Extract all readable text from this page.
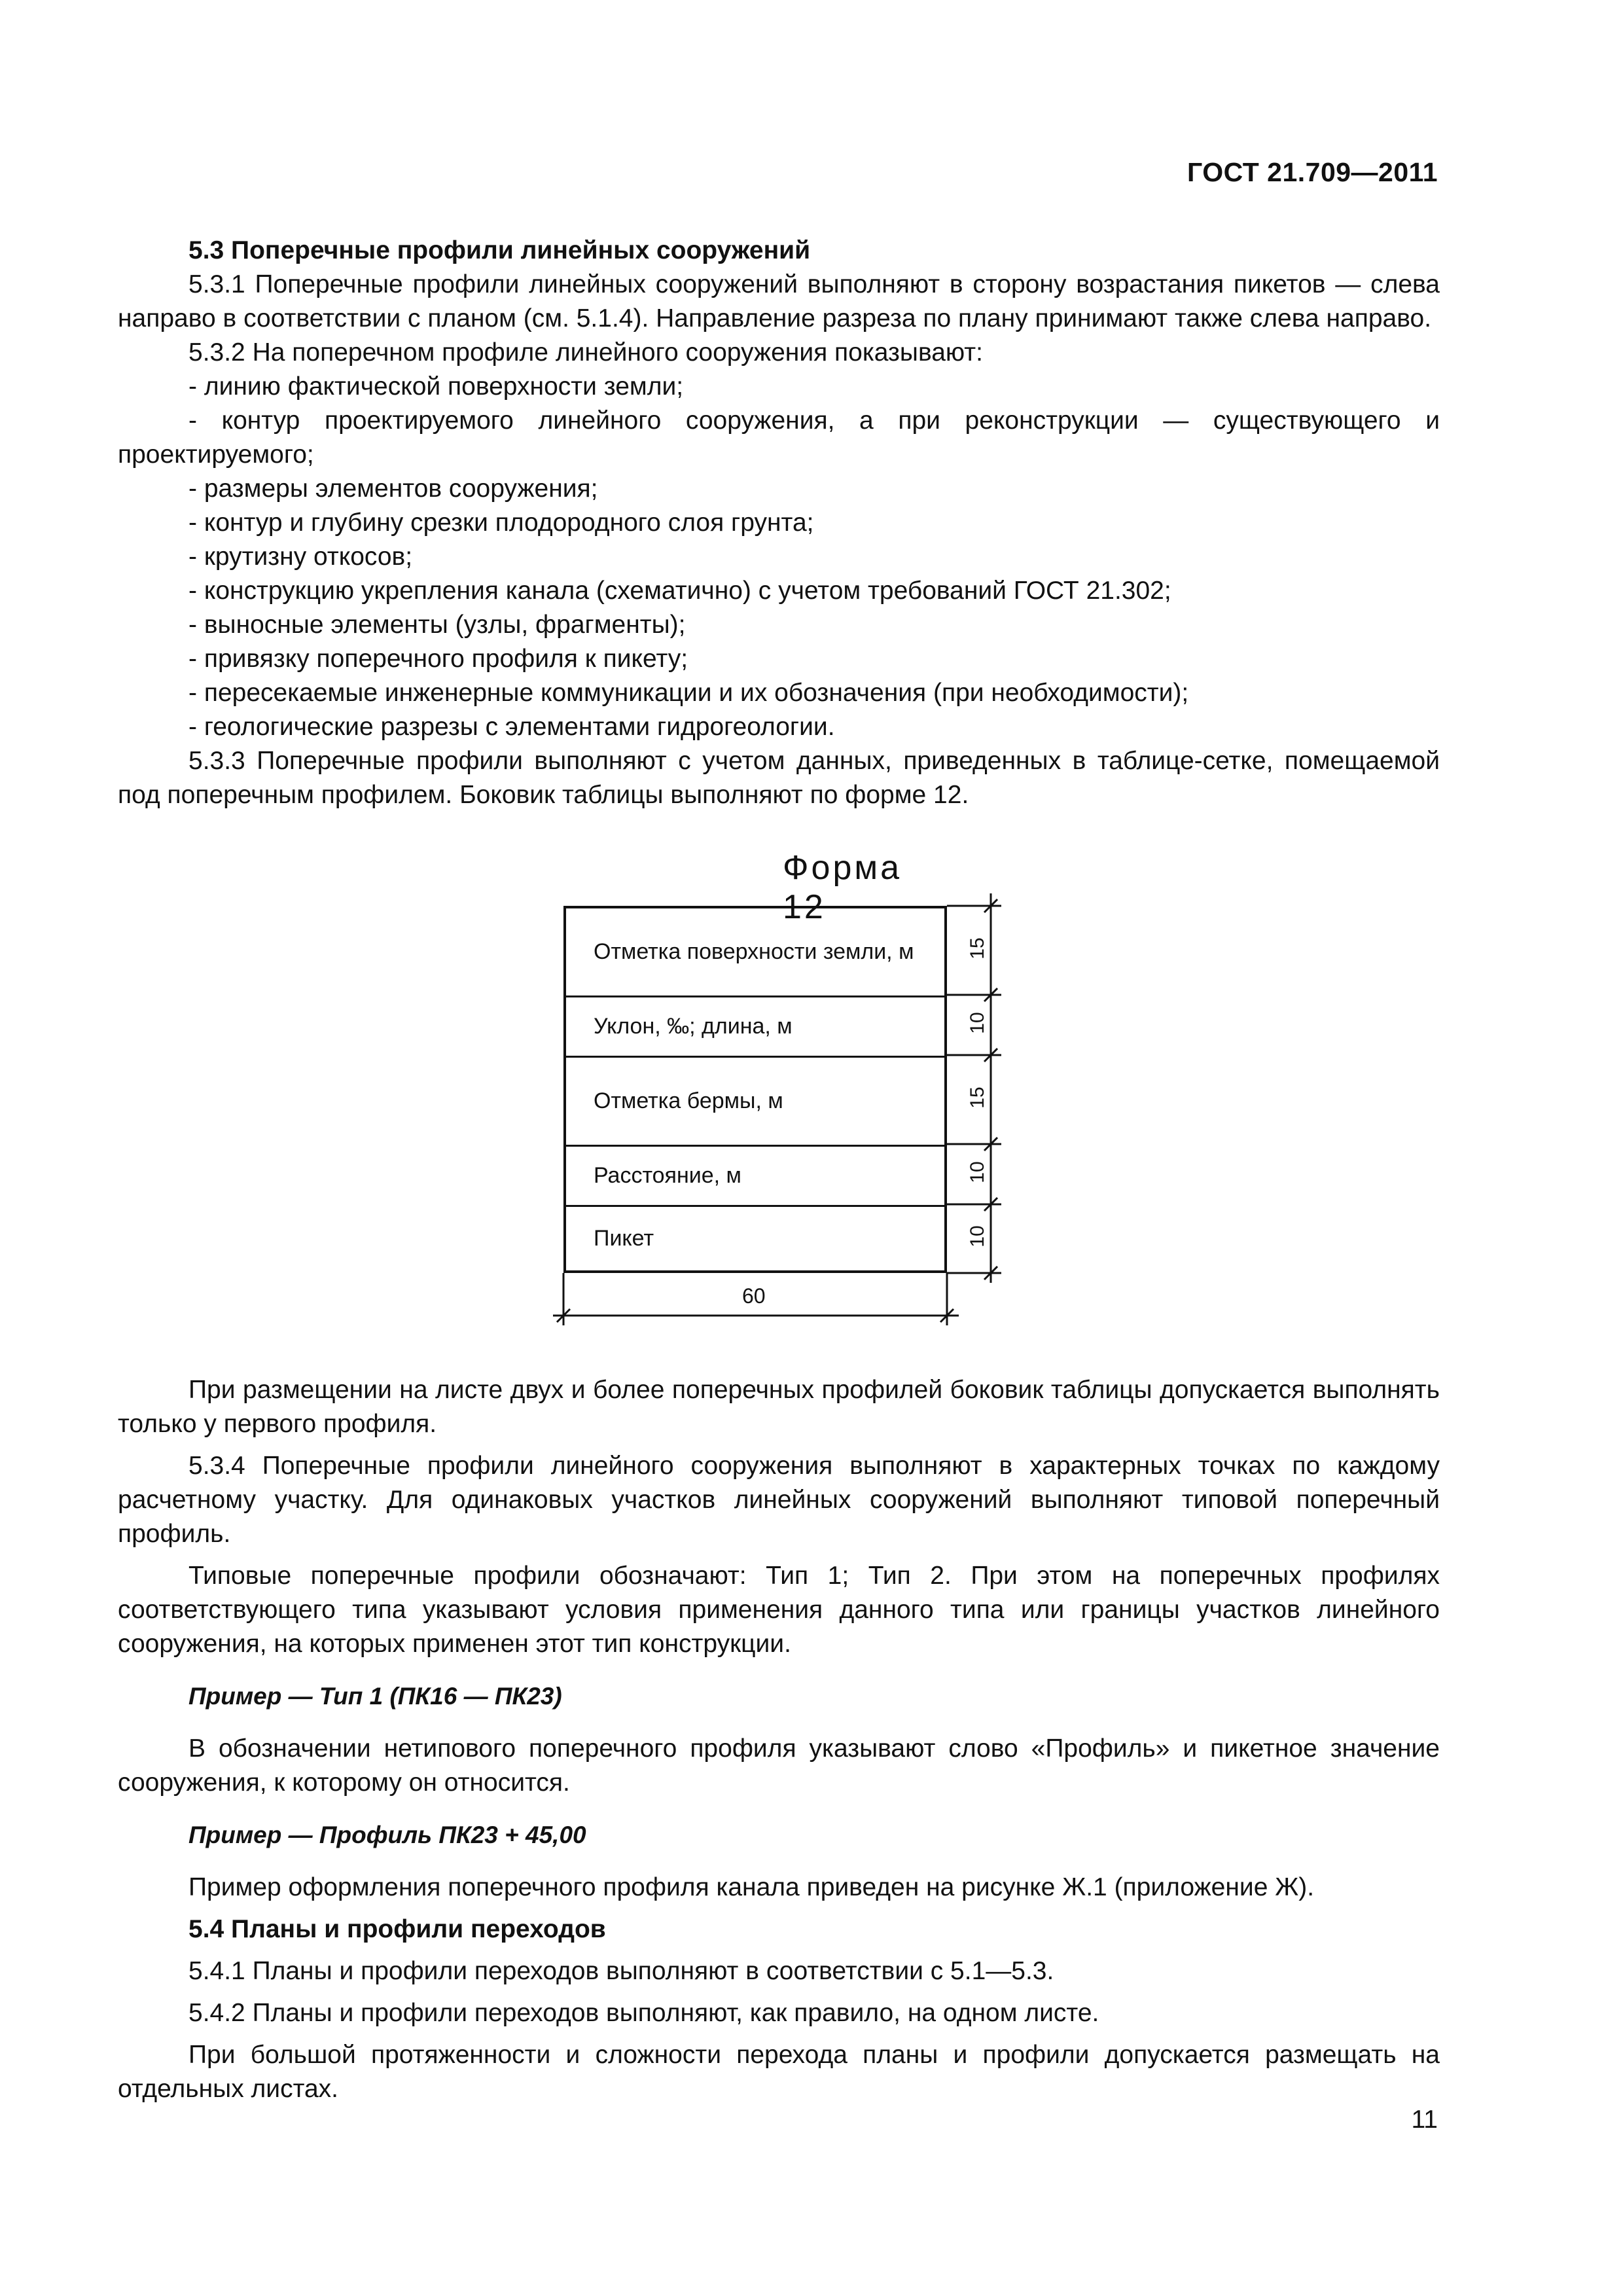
ГОСТ 21.709—2011

5.3 Поперечные профили линейных сооружений

5.3.1 Поперечные профили линейных сооружений выполняют в сторону возрастания пикетов — слева направо в соответствии с планом (см. 5.1.4). Направление разреза по плану принимают также слева направо.

5.3.2 На поперечном профиле линейного сооружения показывают:

- линию фактической поверхности земли;

- контур проектируемого линейного сооружения, а при реконструкции — существующего и проектируемого;

- размеры элементов сооружения;

- контур и глубину срезки плодородного слоя грунта;

- крутизну откосов;

- конструкцию укрепления канала (схематично) с учетом требований ГОСТ 21.302;

- выносные элементы (узлы, фрагменты);

- привязку поперечного профиля к пикету;

- пересекаемые инженерные коммуникации и их обозначения (при необходимости);

- геологические разрезы с элементами гидрогеологии.

5.3.3 Поперечные профили выполняют с учетом данных, приведенных в таблице-сетке, помещаемой под поперечным профилем. Боковик таблицы выполняют по форме 12.

Форма 12
Отметка поверхности земли, м
Уклон, ‰; длина, м
Отметка бермы, м
Расстояние, м
Пикет
15
10
15
10
10
60

При размещении на листе двух и более поперечных профилей боковик таблицы допускается выполнять только у первого профиля.

5.3.4 Поперечные профили линейного сооружения выполняют в характерных точках по каждому расчетному участку. Для одинаковых участков линейных сооружений выполняют типовой поперечный профиль.

Типовые поперечные профили обозначают: Тип 1; Тип 2. При этом на поперечных профилях соответствующего типа указывают условия применения данного типа или границы участков линейного сооружения, на которых применен этот тип конструкции.

Пример — Тип 1 (ПК16 — ПК23)

В обозначении нетипового поперечного профиля указывают слово «Профиль» и пикетное значение сооружения, к которому он относится.

Пример — Профиль ПК23 + 45,00

Пример оформления поперечного профиля канала приведен на рисунке Ж.1 (приложение Ж).

5.4 Планы и профили переходов

5.4.1 Планы и профили переходов выполняют в соответствии с 5.1—5.3.

5.4.2 Планы и профили переходов выполняют, как правило, на одном листе.

При большой протяженности и сложности перехода планы и профили допускается размещать на отдельных листах.

11
